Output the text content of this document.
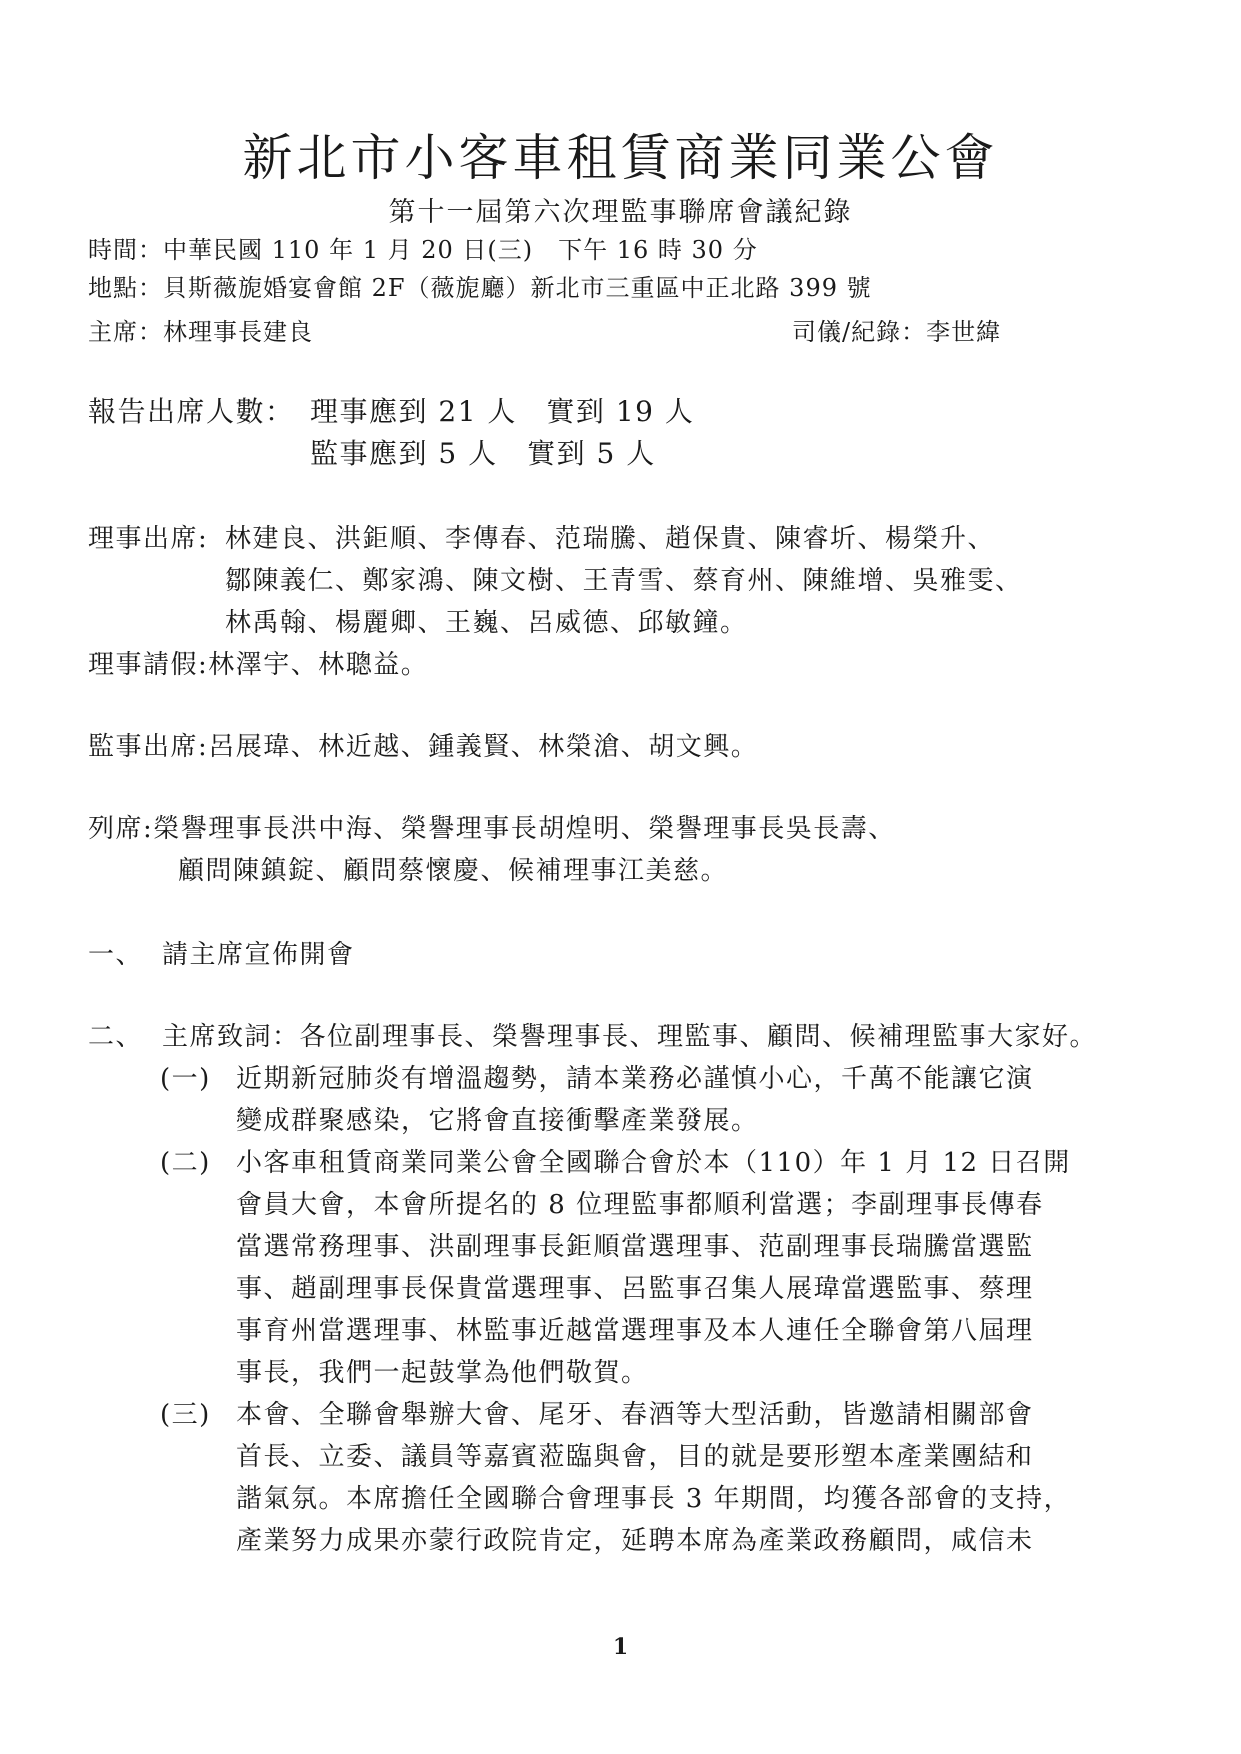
新北市小客車租賃商業同業公會
第十一屆第六次理監事聯席會議紀錄
時間：中華民國 110 年 1 月 20 日(三)　下午 16 時 30 分
地點：貝斯薇旎婚宴會館 2F（薇旎廳）新北市三重區中正北路 399 號
主席：林理事長建良	司儀/紀錄：李世緯
報告出席人數： 理事應到 21 人　實到 19 人
監事應到 5 人　實到 5 人
理事出席: 林建良、洪鉅順、李傳春、范瑞騰、趙保貴、陳睿圻、楊榮升、
鄒陳義仁、鄭家鴻、陳文樹、王青雪、蔡育州、陳維增、吳雅雯、
林禹翰、楊麗卿、王巍、呂威德、邱敏鐘。
理事請假:林澤宇、林聰益。
監事出席:呂展瑋、林近越、鍾義賢、林榮滄、胡文興。
列席:榮譽理事長洪中海、榮譽理事長胡煌明、榮譽理事長吳長壽、
顧問陳鎮錠、顧問蔡懷慶、候補理事江美慈。
一、 請主席宣佈開會
二、 主席致詞：各位副理事長、榮譽理事長、理監事、顧問、候補理監事大家好。
(一) 近期新冠肺炎有增溫趨勢，請本業務必謹慎小心，千萬不能讓它演
變成群聚感染，它將會直接衝擊產業發展。
(二) 小客車租賃商業同業公會全國聯合會於本（110）年 1 月 12 日召開
會員大會，本會所提名的 8 位理監事都順利當選；李副理事長傳春
當選常務理事、洪副理事長鉅順當選理事、范副理事長瑞騰當選監
事、趙副理事長保貴當選理事、呂監事召集人展瑋當選監事、蔡理
事育州當選理事、林監事近越當選理事及本人連任全聯會第八屆理
事長，我們一起鼓掌為他們敬賀。
(三) 本會、全聯會舉辦大會、尾牙、春酒等大型活動，皆邀請相關部會
首長、立委、議員等嘉賓蒞臨與會，目的就是要形塑本產業團結和
諧氣氛。本席擔任全國聯合會理事長 3 年期間，均獲各部會的支持，
產業努力成果亦蒙行政院肯定，延聘本席為產業政務顧問，咸信未
1
